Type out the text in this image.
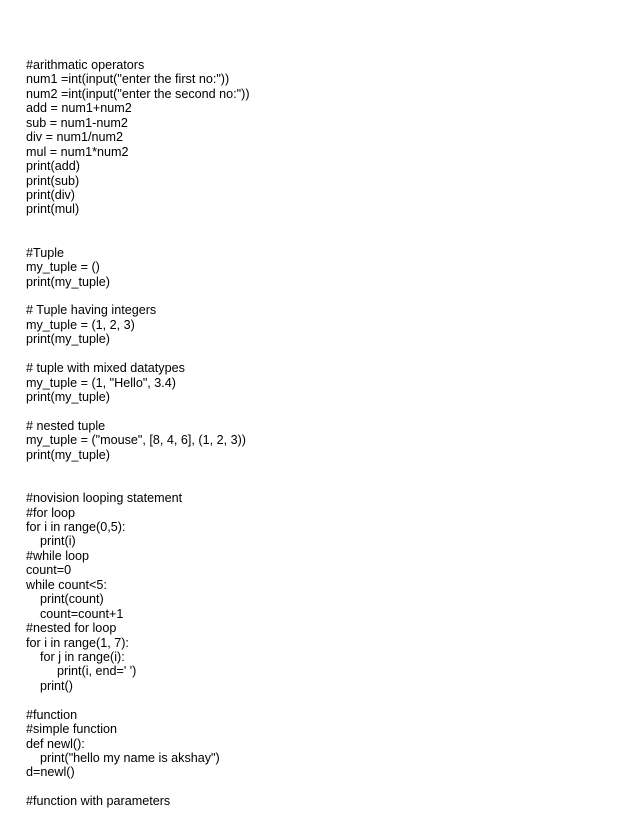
#arithmatic operators
num1 =int(input("enter the first no:"))
num2 =int(input("enter the second no:"))
add = num1+num2
sub = num1-num2
div = num1/num2
mul = num1*num2
print(add)
print(sub)
print(div)
print(mul)
#Tuple
my_tuple = ()
print(my_tuple)
# Tuple having integers
my_tuple = (1, 2, 3)
print(my_tuple)
# tuple with mixed datatypes
my_tuple = (1, "Hello", 3.4)
print(my_tuple)
# nested tuple
my_tuple = ("mouse", [8, 4, 6], (1, 2, 3))
print(my_tuple)
#novision looping statement
#for loop
for i in range(0,5):
print(i)
#while loop
count=0
while count<5:
print(count)
count=count+1
#nested for loop
for i in range(1, 7):
for j in range(i):
print(i, end=' ')
print()
#function
#simple function
def newl():
print("hello my name is akshay")
d=newl()
#function with parameters
